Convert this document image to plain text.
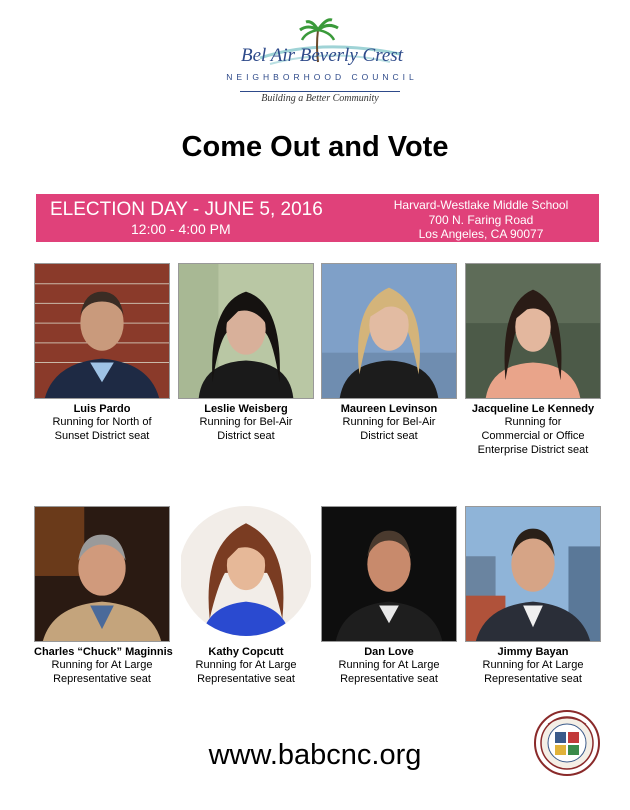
Bel Air Beverly Crest
NEIGHBORHOOD COUNCIL
Building a Better Community
Come Out and Vote
ELECTION DAY - JUNE 5, 2016
12:00 - 4:00 PM
Harvard-Westlake Middle School
700 N. Faring Road
Los Angeles, CA 90077
Luis Pardo
Running for North of
Sunset District seat
Leslie Weisberg
Running for Bel-Air
District seat
Maureen Levinson
Running for Bel-Air
District seat
Jacqueline Le Kennedy
Running for
Commercial or Office
Enterprise District seat
Charles “Chuck” Maginnis
Running for At Large
Representative seat
Kathy Copcutt
Running for At Large
Representative seat
Dan Love
Running for At Large
Representative seat
Jimmy Bayan
Running for At Large
Representative seat
www.babcnc.org
